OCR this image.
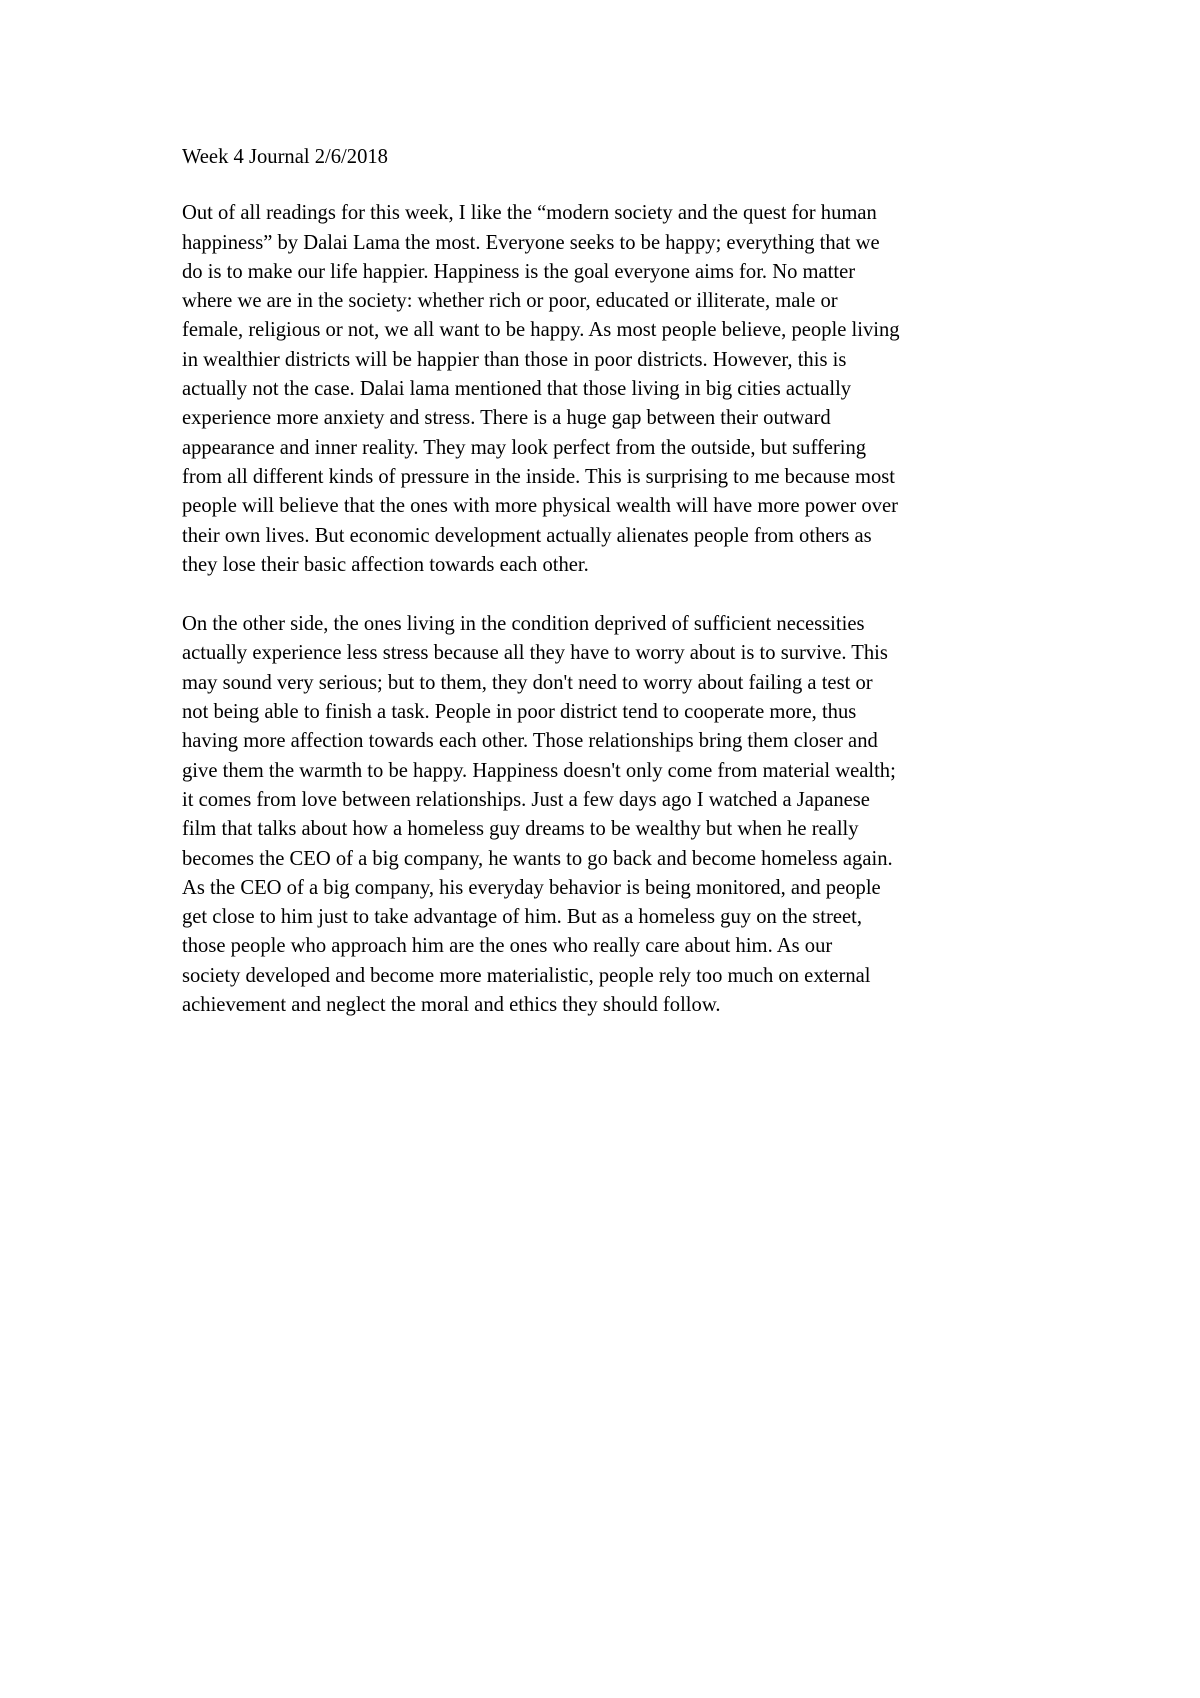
Week 4 Journal 2/6/2018
Out of all readings for this week, I like the “modern society and the quest for human
happiness” by Dalai Lama the most. Everyone seeks to be happy; everything that we
do is to make our life happier. Happiness is the goal everyone aims for. No matter
where we are in the society: whether rich or poor, educated or illiterate, male or
female, religious or not, we all want to be happy. As most people believe, people living
in wealthier districts will be happier than those in poor districts. However, this is
actually not the case. Dalai lama mentioned that those living in big cities actually
experience more anxiety and stress. There is a huge gap between their outward
appearance and inner reality. They may look perfect from the outside, but suffering
from all different kinds of pressure in the inside. This is surprising to me because most
people will believe that the ones with more physical wealth will have more power over
their own lives. But economic development actually alienates people from others as
they lose their basic affection towards each other.
On the other side, the ones living in the condition deprived of sufficient necessities
actually experience less stress because all they have to worry about is to survive. This
may sound very serious; but to them, they don't need to worry about failing a test or
not being able to finish a task. People in poor district tend to cooperate more, thus
having more affection towards each other. Those relationships bring them closer and
give them the warmth to be happy. Happiness doesn't only come from material wealth;
it comes from love between relationships. Just a few days ago I watched a Japanese
film that talks about how a homeless guy dreams to be wealthy but when he really
becomes the CEO of a big company, he wants to go back and become homeless again.
As the CEO of a big company, his everyday behavior is being monitored, and people
get close to him just to take advantage of him. But as a homeless guy on the street,
those people who approach him are the ones who really care about him. As our
society developed and become more materialistic, people rely too much on external
achievement and neglect the moral and ethics they should follow.
